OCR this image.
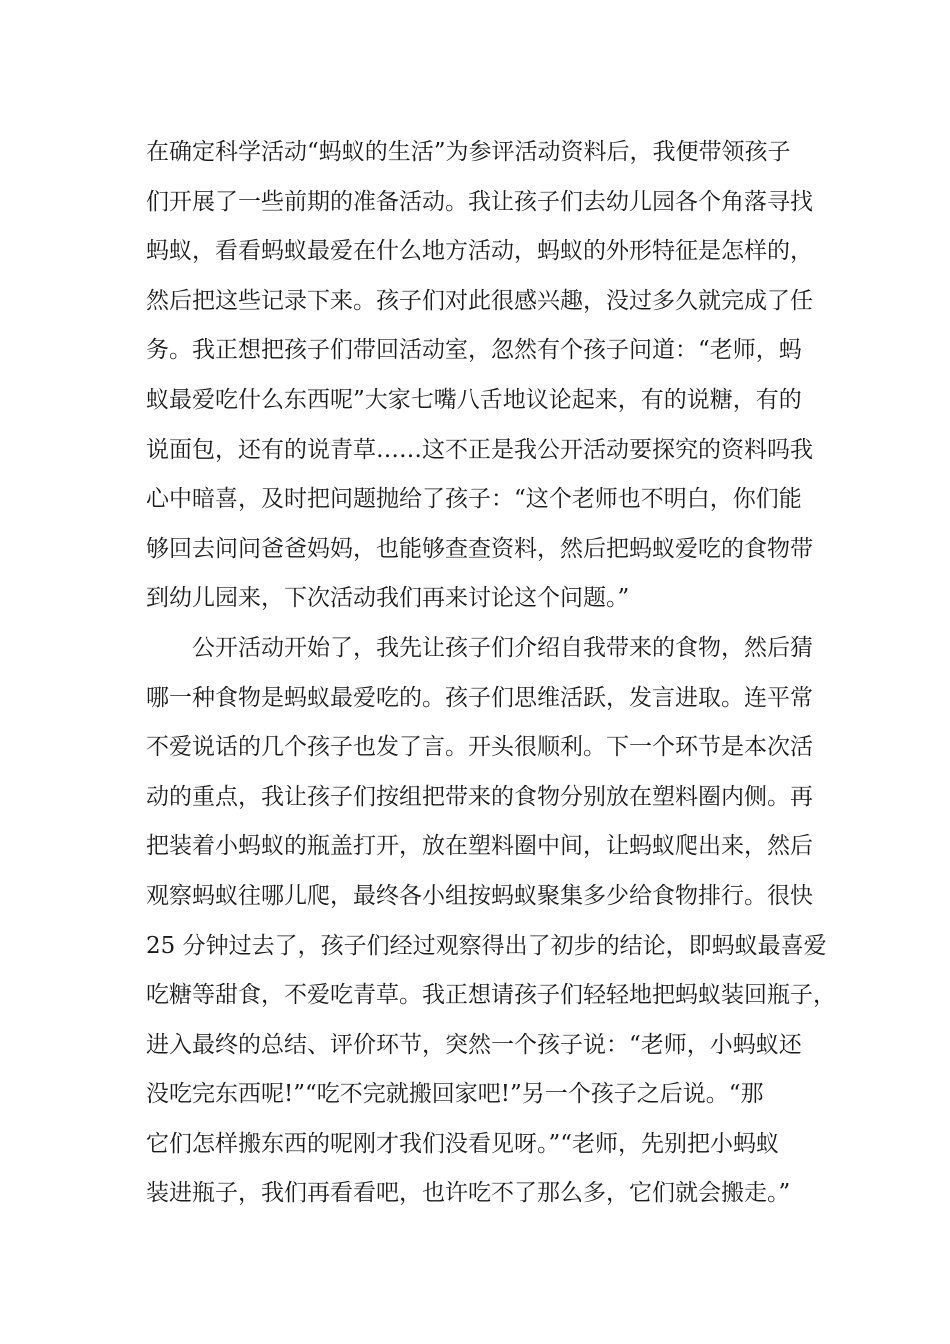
在确定科学活动“蚂蚁的生活”为参评活动资料后，我便带领孩子
们开展了一些前期的准备活动。我让孩子们去幼儿园各个角落寻找
蚂蚁，看看蚂蚁最爱在什么地方活动，蚂蚁的外形特征是怎样的，
然后把这些记录下来。孩子们对此很感兴趣，没过多久就完成了任
务。我正想把孩子们带回活动室，忽然有个孩子问道：“老师，蚂
蚁最爱吃什么东西呢”大家七嘴八舌地议论起来，有的说糖，有的
说面包，还有的说青草……这不正是我公开活动要探究的资料吗我
心中暗喜，及时把问题抛给了孩子：“这个老师也不明白，你们能
够回去问问爸爸妈妈，也能够查查资料，然后把蚂蚁爱吃的食物带
到幼儿园来，下次活动我们再来讨论这个问题。”
公开活动开始了，我先让孩子们介绍自我带来的食物，然后猜
哪一种食物是蚂蚁最爱吃的。孩子们思维活跃，发言进取。连平常
不爱说话的几个孩子也发了言。开头很顺利。下一个环节是本次活
动的重点，我让孩子们按组把带来的食物分别放在塑料圈内侧。再
把装着小蚂蚁的瓶盖打开，放在塑料圈中间，让蚂蚁爬出来，然后
观察蚂蚁往哪儿爬，最终各小组按蚂蚁聚集多少给食物排行。很快
25 分钟过去了，孩子们经过观察得出了初步的结论，即蚂蚁最喜爱
吃糖等甜食，不爱吃青草。我正想请孩子们轻轻地把蚂蚁装回瓶子，
进入最终的总结、评价环节，突然一个孩子说：“老师，小蚂蚁还
没吃完东西呢!”“吃不完就搬回家吧!”另一个孩子之后说。“那
它们怎样搬东西的呢刚才我们没看见呀。”“老师，先别把小蚂蚁
装进瓶子，我们再看看吧，也许吃不了那么多，它们就会搬走。”
